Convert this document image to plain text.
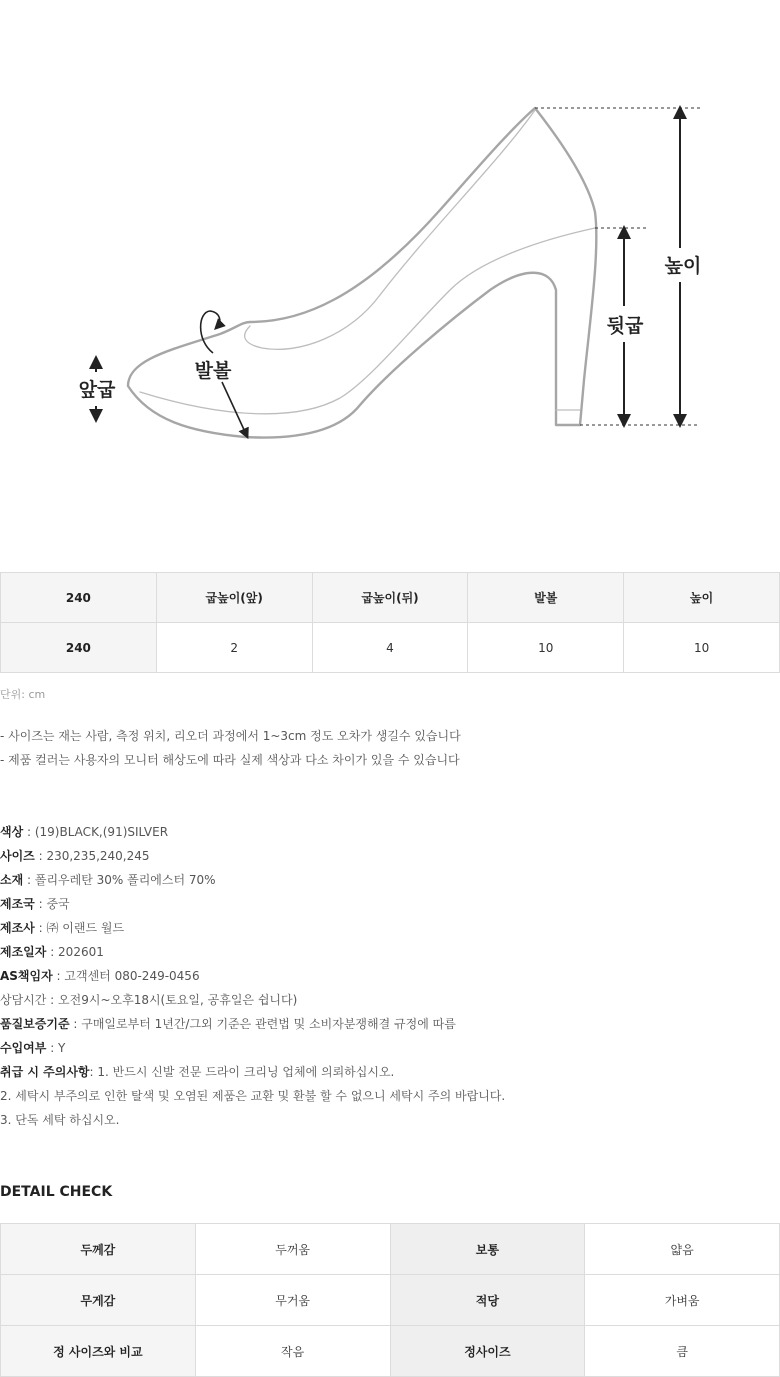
높이
뒷굽
앞굽
발볼
240	굽높이(앞)	굽높이(뒤)	발볼	높이
240	2	4	10	10
단위: cm
- 사이즈는 재는 사람, 측정 위치, 리오더 과정에서 1~3cm 정도 오차가 생길수 있습니다
- 제품 컬러는 사용자의 모니터 해상도에 따라 실제 색상과 다소 차이가 있을 수 있습니다
색상 : (19)BLACK,(91)SILVER
사이즈 : 230,235,240,245
소재 : 폴리우레탄 30% 폴리에스터 70%
제조국 : 중국
제조사 : ㈜ 이랜드 월드
제조일자 : 202601
AS책임자 : 고객센터 080-249-0456
상담시간 : 오전9시~오후18시(토요일, 공휴일은 쉽니다)
품질보증기준 : 구매일로부터 1년간/그외 기준은 관련법 및 소비자분쟁해결 규정에 따름
수입여부 : Y
취급 시 주의사항: 1. 반드시 신발 전문 드라이 크리닝 업체에 의뢰하십시오.
2. 세탁시 부주의로 인한 탈색 및 오염된 제품은 교환 및 환불 할 수 없으니 세탁시 주의 바랍니다.
3. 단독 세탁 하십시오.
DETAIL CHECK
두께감	두꺼움	보통	얇음
무게감	무거움	적당	가벼움
정 사이즈와 비교	작음	정사이즈	큼
